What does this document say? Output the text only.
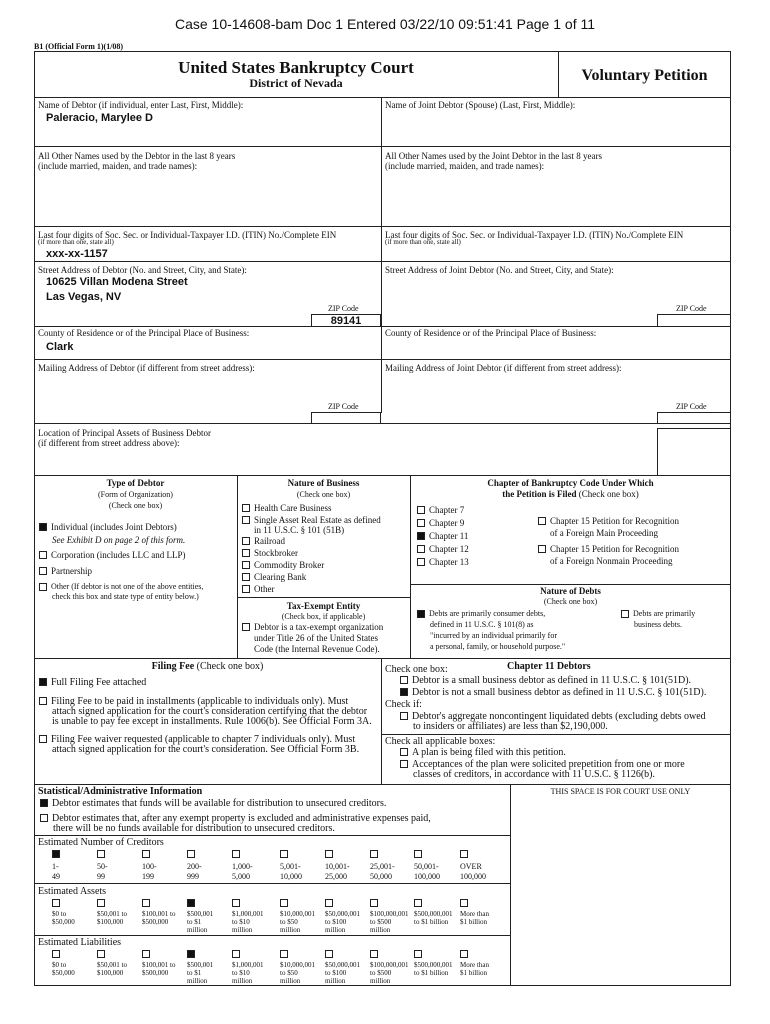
Case 10-14608-bam Doc 1 Entered 03/22/10 09:51:41 Page 1 of 11
B1 (Official Form 1)(1/08)
United States Bankruptcy Court
District of Nevada	Voluntary Petition
Name of Debtor (if individual, enter Last, First, Middle):
Paleracio, Marylee D
Name of Joint Debtor (Spouse) (Last, First, Middle):
All Other Names used by the Debtor in the last 8 years
(include married, maiden, and trade names):
All Other Names used by the Joint Debtor in the last 8 years
(include married, maiden, and trade names):
Last four digits of Soc. Sec. or Individual-Taxpayer I.D. (ITIN) No./Complete EIN
(if more than one, state all)
xxx-xx-1157
Last four digits of Soc. Sec. or Individual-Taxpayer I.D. (ITIN) No./Complete EIN
(if more than one, state all)
Street Address of Debtor (No. and Street, City, and State):
10625 Villan Modena Street
Las Vegas, NV
ZIP Code
89141
Street Address of Joint Debtor (No. and Street, City, and State):
ZIP Code
County of Residence or of the Principal Place of Business:
Clark
County of Residence or of the Principal Place of Business:
Mailing Address of Debtor (if different from street address):
ZIP Code
Mailing Address of Joint Debtor (if different from street address):
ZIP Code
Location of Principal Assets of Business Debtor
(if different from street address above):
Type of Debtor
(Form of Organization)
(Check one box)
Individual (includes Joint Debtors)
See Exhibit D on page 2 of this form.
Corporation (includes LLC and LLP)
Partnership
Other (If debtor is not one of the above entities,
check this box and state type of entity below.)
Nature of Business
(Check one box)
Health Care Business
Single Asset Real Estate as defined
in 11 U.S.C. § 101 (51B)
Railroad
Stockbroker
Commodity Broker
Clearing Bank
Other
Tax-Exempt Entity
(Check box, if applicable)
Debtor is a tax-exempt organization
under Title 26 of the United States
Code (the Internal Revenue Code).
Chapter of Bankruptcy Code Under Which
the Petition is Filed (Check one box)
Chapter 7
Chapter 9
Chapter 11
Chapter 12
Chapter 13
Chapter 15 Petition for Recognition
of a Foreign Main Proceeding
Chapter 15 Petition for Recognition
of a Foreign Nonmain Proceeding
Nature of Debts
(Check one box)
Debts are primarily consumer debts,
defined in 11 U.S.C. § 101(8) as
"incurred by an individual primarily for
a personal, family, or household purpose."
Debts are primarily
business debts.
Filing Fee (Check one box)
Full Filing Fee attached
Filing Fee to be paid in installments (applicable to individuals only). Must
attach signed application for the court's consideration certifying that the debtor
is unable to pay fee except in installments. Rule 1006(b). See Official Form 3A.
Filing Fee waiver requested (applicable to chapter 7 individuals only). Must
attach signed application for the court's consideration. See Official Form 3B.
Chapter 11 Debtors
Check one box:
Debtor is a small business debtor as defined in 11 U.S.C. § 101(51D).
Debtor is not a small business debtor as defined in 11 U.S.C. § 101(51D).
Check if:
Debtor's aggregate noncontingent liquidated debts (excluding debts owed
to insiders or affiliates) are less than $2,190,000.
Check all applicable boxes:
A plan is being filed with this petition.
Acceptances of the plan were solicited prepetition from one or more
classes of creditors, in accordance with 11 U.S.C. § 1126(b).
Statistical/Administrative Information	THIS SPACE IS FOR COURT USE ONLY
Debtor estimates that funds will be available for distribution to unsecured creditors.
Debtor estimates that, after any exempt property is excluded and administrative expenses paid,
there will be no funds available for distribution to unsecured creditors.
Estimated Number of Creditors
1-
49
50-
99
100-
199
200-
999
1,000-
5,000
5,001-
10,000
10,001-
25,000
25,001-
50,000
50,001-
100,000
OVER
100,000
Estimated Assets
$0 to
$50,000
$50,001 to
$100,000
$100,001 to
$500,000
$500,001
to $1
million
$1,000,001
to $10
million
$10,000,001
to $50
million
$50,000,001
to $100
million
$100,000,001
to $500
million
$500,000,001
to $1 billion
More than
$1 billion
Estimated Liabilities
$0 to
$50,000
$50,001 to
$100,000
$100,001 to
$500,000
$500,001
to $1
million
$1,000,001
to $10
million
$10,000,001
to $50
million
$50,000,001
to $100
million
$100,000,001
to $500
million
$500,000,001
to $1 billion
More than
$1 billion
